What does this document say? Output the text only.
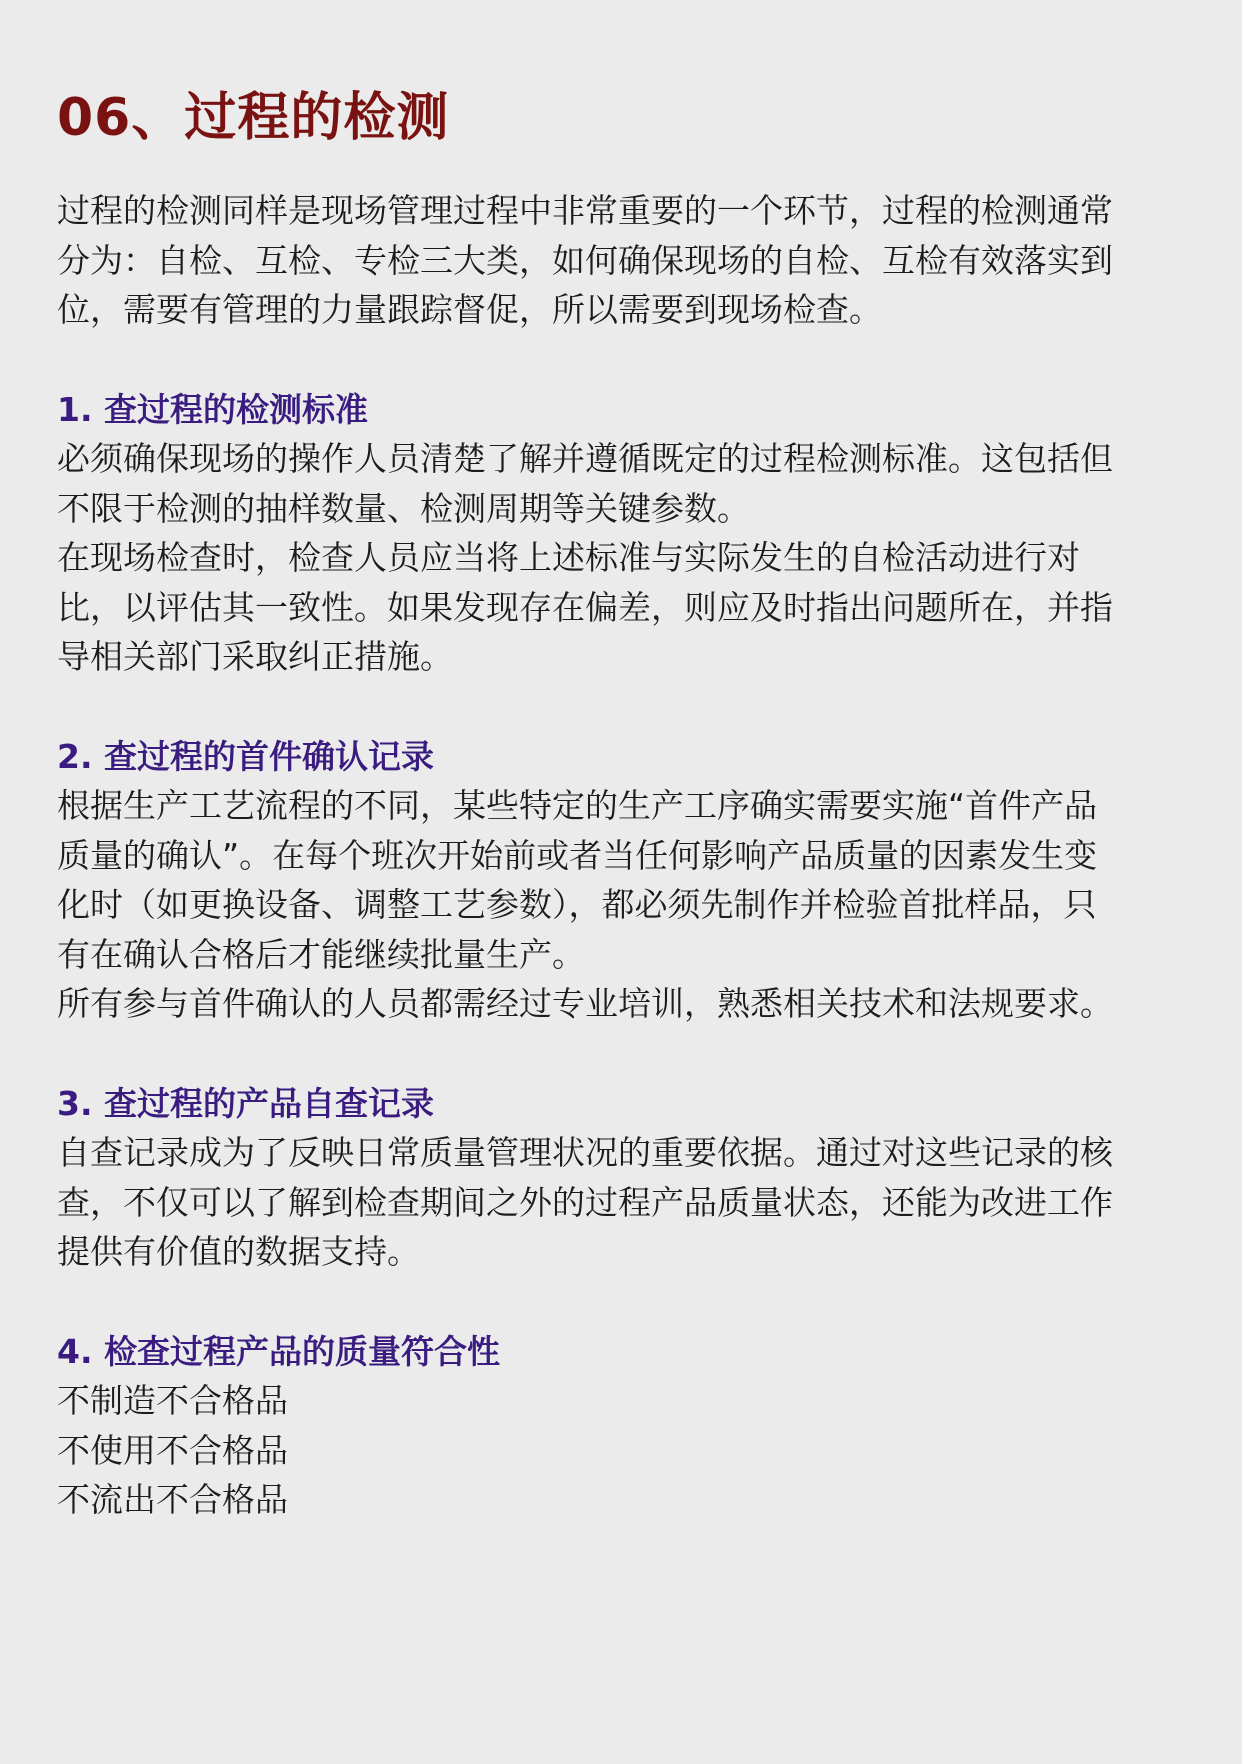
06、过程的检测
过程的检测同样是现场管理过程中非常重要的一个环节，过程的检测通常
分为：自检、互检、专检三大类，如何确保现场的自检、互检有效落实到
位，需要有管理的力量跟踪督促，所以需要到现场检查。
1. 查过程的检测标准
必须确保现场的操作人员清楚了解并遵循既定的过程检测标准。这包括但
不限于检测的抽样数量、检测周期等关键参数。
在现场检查时，检查人员应当将上述标准与实际发生的自检活动进行对
比，以评估其一致性。如果发现存在偏差，则应及时指出问题所在，并指
导相关部门采取纠正措施。
2. 查过程的首件确认记录
根据生产工艺流程的不同，某些特定的生产工序确实需要实施“首件产品
质量的确认”。在每个班次开始前或者当任何影响产品质量的因素发生变
化时（如更换设备、调整工艺参数），都必须先制作并检验首批样品，只
有在确认合格后才能继续批量生产。
所有参与首件确认的人员都需经过专业培训，熟悉相关技术和法规要求。
3. 查过程的产品自查记录
自查记录成为了反映日常质量管理状况的重要依据。通过对这些记录的核
查，不仅可以了解到检查期间之外的过程产品质量状态，还能为改进工作
提供有价值的数据支持。
4. 检查过程产品的质量符合性
不制造不合格品
不使用不合格品
不流出不合格品
